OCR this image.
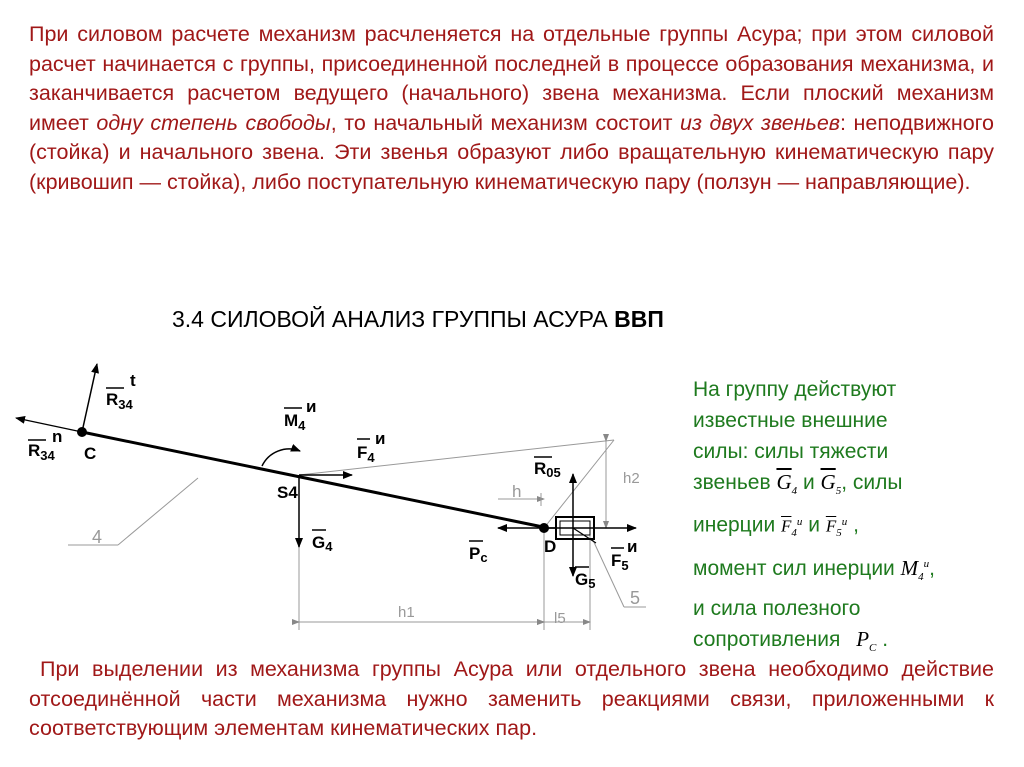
При силовом расчете механизм расчленяется на отдельные группы Асура; при этом силовой расчет начинается с группы, присоединенной последней в процессе образования механизма, и заканчивается расчетом ведущего (начального) звена механизма. Если плоский механизм имеет одну степень свободы, то начальный механизм состоит из двух звеньев: неподвижного (стойка) и начального звена. Эти звенья образуют либо вращательную кинематическую пару (кривошип — стойка), либо поступательную кинематическую пару (ползун — направляющие).

3.4 СИЛОВОЙ АНАЛИЗ ГРУППЫ АСУРА ВВП
h2
h1	l5
h
4
5
$R_{34}$
t
$R_{34}$
n
C
$M_4$
и
$F_4$
и
S4
G4
R05
Pc
D
G5
$F_5$
и
На группу действуют
известные внешние
силы: силы тяжести
звеньев $\overline{G}_4$ и $\overline{G}_5$, силы
инерции $\overline{F}_4^и$ и $\overline{F}_5^и$ ,
момент сил инерции $M_4^и$,
и сила полезного
сопротивления $P_C$ .

При выделении из механизма группы Асура или отдельного звена необходимо действие отсоединённой части механизма нужно заменить реакциями связи, приложенными к соответствующим элементам кинематических пар.
